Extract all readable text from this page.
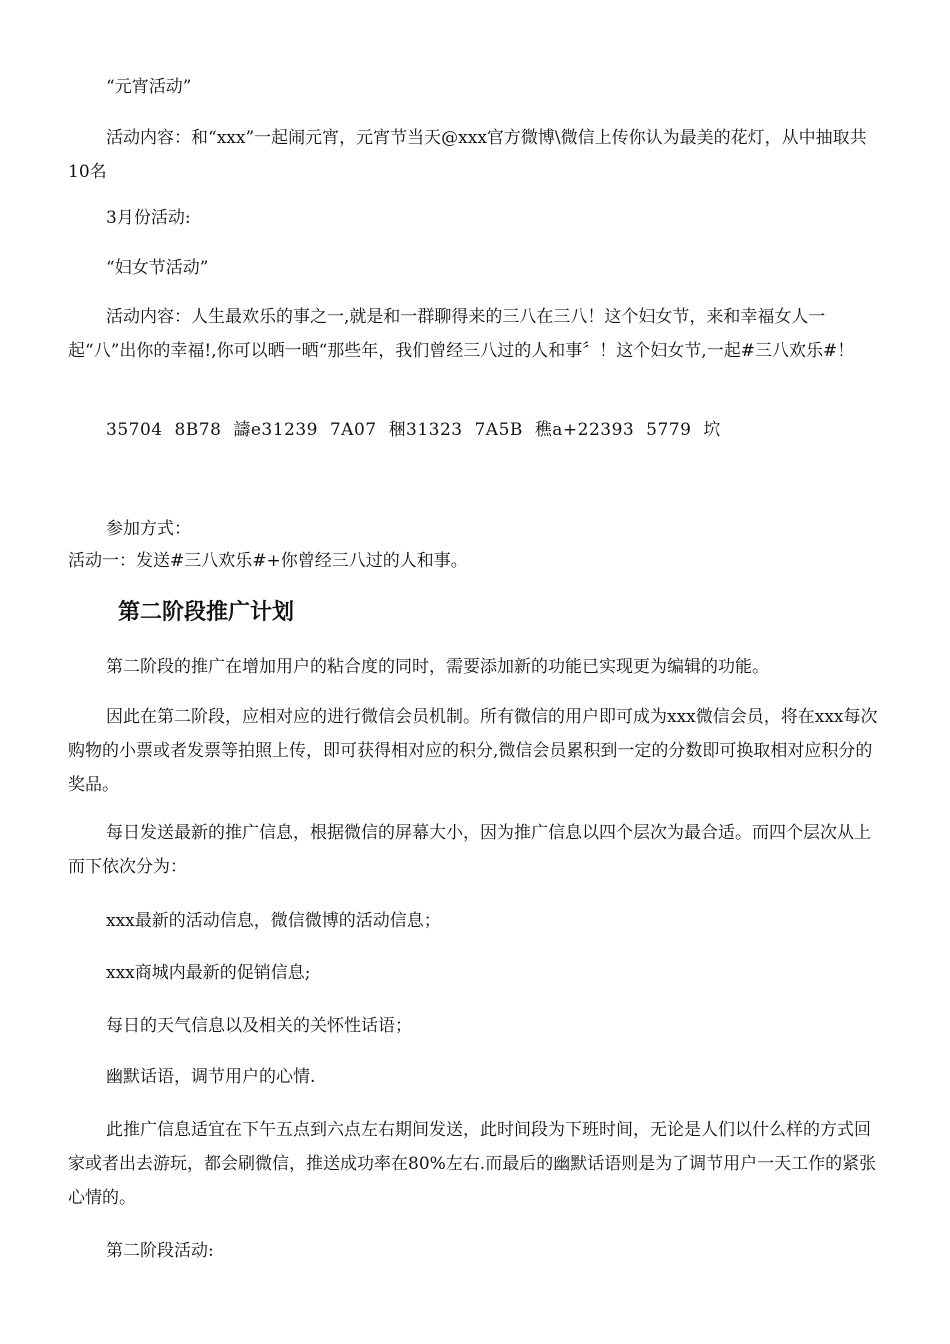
“元宵活动”

活动内容：和“xxx”一起闹元宵，元宵节当天@xxx官方微博\微信上传你认为最美的花灯，从中抽取共10名

3月份活动:

“妇女节活动”

活动内容：人生最欢乐的事之一,就是和一群聊得来的三八在三八！这个妇女节，来和幸福女人一起“八”出你的幸福!,你可以晒一晒“那些年，我们曾经三八过的人和事〞！这个妇女节,一起#三八欢乐#！

35704 8B78 譸e31239 7A07 稇31323 7A5B 穛a+22393 5779 坹

参加方式：

活动一：发送#三八欢乐#+你曾经三八过的人和事。

第二阶段推广计划

第二阶段的推广在增加用户的粘合度的同时，需要添加新的功能已实现更为编辑的功能。

因此在第二阶段，应相对应的进行微信会员机制。所有微信的用户即可成为xxx微信会员，将在xxx每次购物的小票或者发票等拍照上传，即可获得相对应的积分,微信会员累积到一定的分数即可换取相对应积分的奖品。

每日发送最新的推广信息，根据微信的屏幕大小，因为推广信息以四个层次为最合适。而四个层次从上而下依次分为：

xxx最新的活动信息，微信微博的活动信息；

xxx商城内最新的促销信息;

每日的天气信息以及相关的关怀性话语；

幽默话语，调节用户的心情.

此推广信息适宜在下午五点到六点左右期间发送，此时间段为下班时间，无论是人们以什么样的方式回家或者出去游玩，都会刷微信，推送成功率在80%左右.而最后的幽默话语则是为了调节用户一天工作的紧张心情的。

第二阶段活动:
